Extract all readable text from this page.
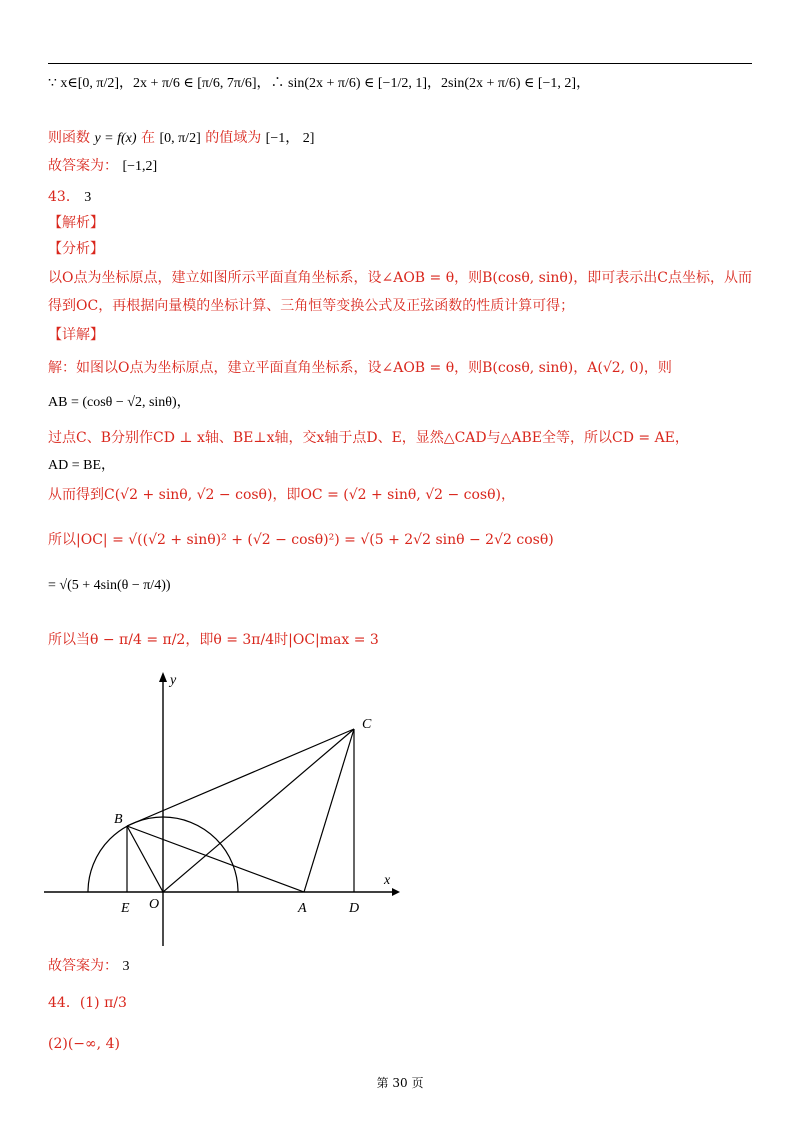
∵ x∈[0, π/2]，2x + π/6 ∈ [π/6, 7π/6]，∴ sin(2x + π/6) ∈ [−1/2, 1]，2sin(2x + π/6) ∈ [−1, 2]，
则函数 y = f(x) 在 [0, π/2] 的值域为 [−1， 2]
故答案为： [−1,2]
43． 3
【解析】
【分析】
以O点为坐标原点，建立如图所示平面直角坐标系，设∠AOB = θ，则B(cosθ, sinθ)，即可表示出C点坐标，从而
得到OC，再根据向量模的坐标计算、三角恒等变换公式及正弦函数的性质计算可得；
【详解】
解：如图以O点为坐标原点，建立平面直角坐标系，设∠AOB = θ，则B(cosθ, sinθ)，A(√2, 0)，则
AB = (cosθ − √2, sinθ)，
过点C、B分别作CD ⊥ x轴、BE⊥x轴，交x轴于点D、E，显然△CAD与△ABE全等，所以CD = AE，
AD = BE，
从而得到C(√2 + sinθ, √2 − cosθ)，即OC = (√2 + sinθ, √2 − cosθ)，
所以|OC| = √((√2 + sinθ)² + (√2 − cosθ)²) = √(5 + 2√2 sinθ − 2√2 cosθ)
= √(5 + 4sin(θ − π/4))
所以当θ − π/4 = π/2，即θ = 3π/4时|OC|max = 3
y
x
B
C
E O	A	D
故答案为： 3
44．(1) π/3
(2)(−∞, 4)
第 30 页
